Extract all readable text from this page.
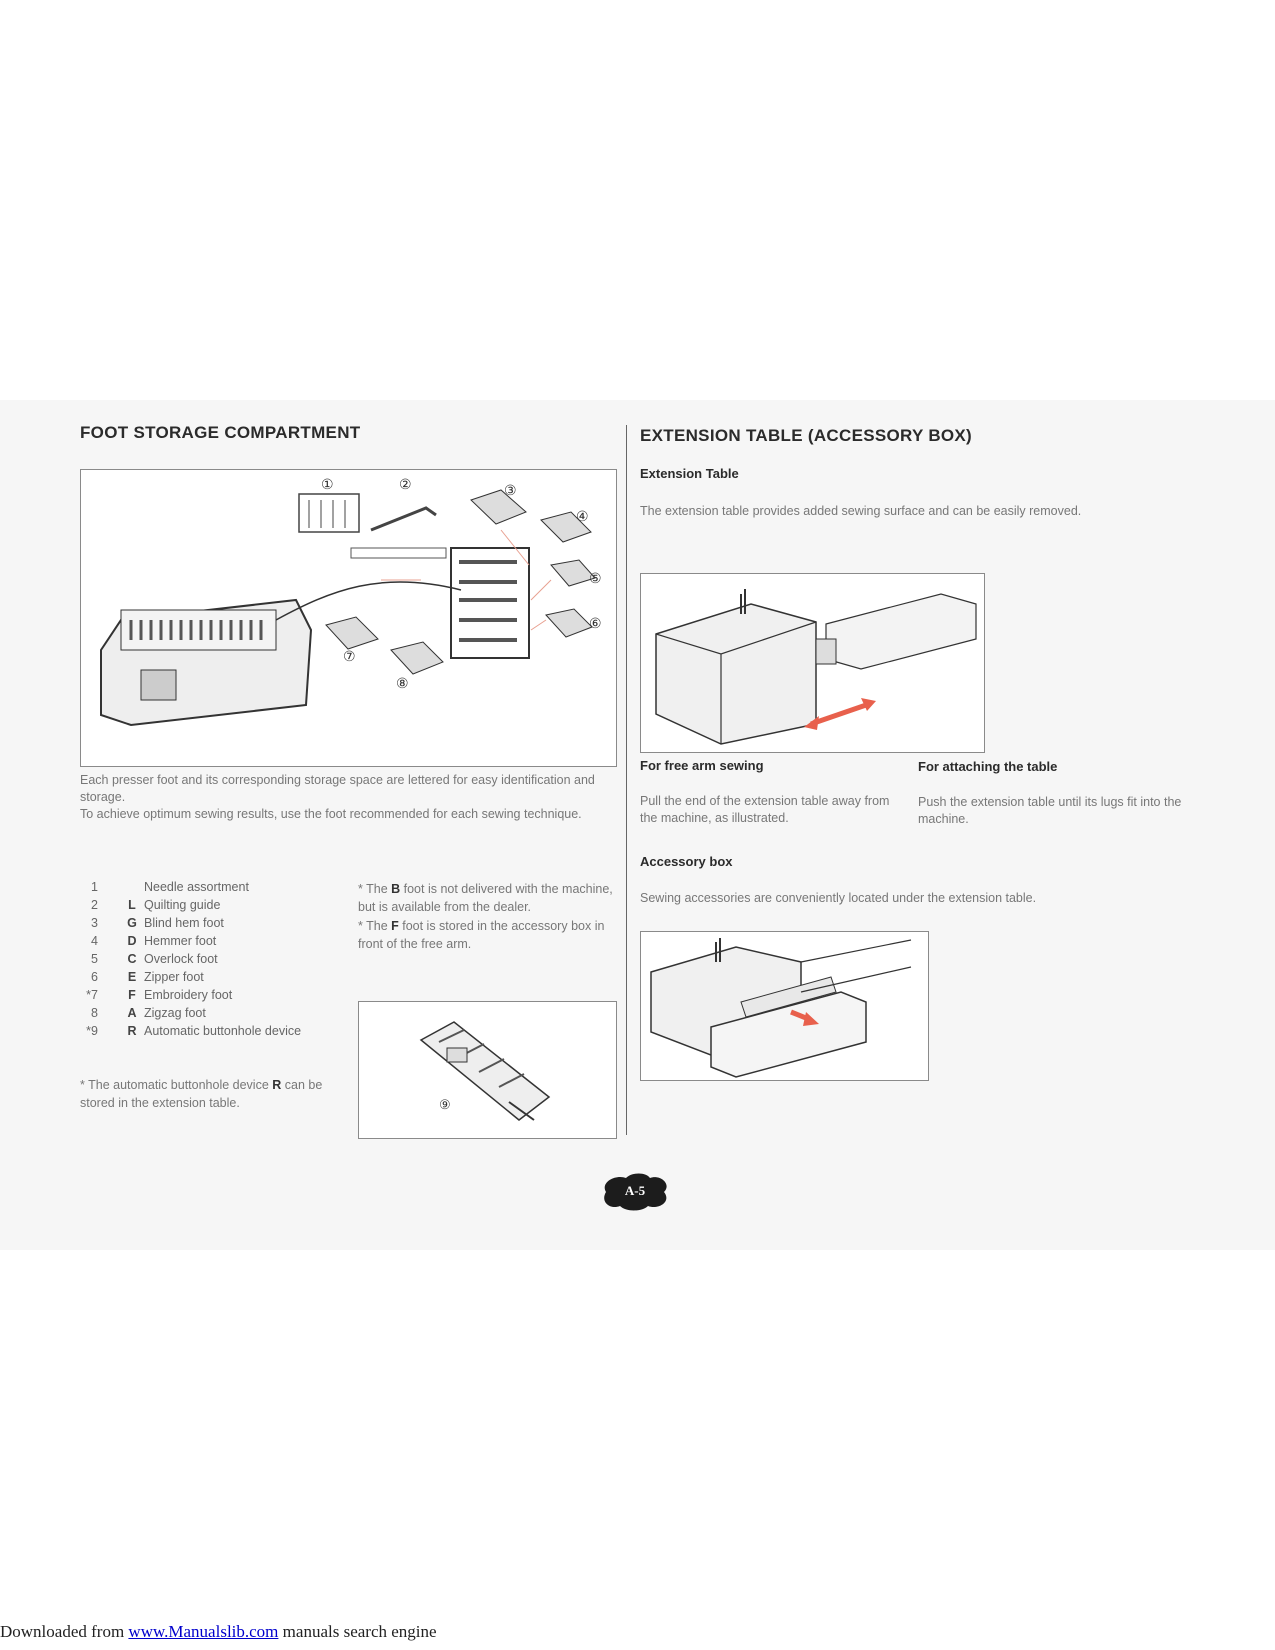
FOOT STORAGE COMPARTMENT
①	②	③
④
⑤
⑥
⑦
⑧
Each presser foot and its corresponding storage space are lettered for easy identification and storage.
To achieve optimum sewing results, use the foot recommended for each sewing technique.
1	Needle assortment
2 L Quilting guide
3 G Blind hem foot
4 D Hemmer foot
5 C Overlock foot
6 E Zipper foot
*7 F Embroidery foot
8 A Zigzag foot
*9 R Automatic buttonhole device
* The B foot is not delivered with the machine, but is available from the dealer.
* The F foot is stored in the accessory box in front of the free arm.
* The automatic buttonhole device R can be stored in the extension table.	⑨
EXTENSION TABLE (ACCESSORY BOX)
Extension Table
The extension table provides added sewing surface and can be easily removed.
For free arm sewing
Pull the end of the extension table away from the machine, as illustrated.
For attaching the table
Push the extension table until its lugs fit into the machine.
Accessory box
Sewing accessories are conveniently located under the extension table.
A-5
Downloaded from www.Manualslib.com manuals search engine
